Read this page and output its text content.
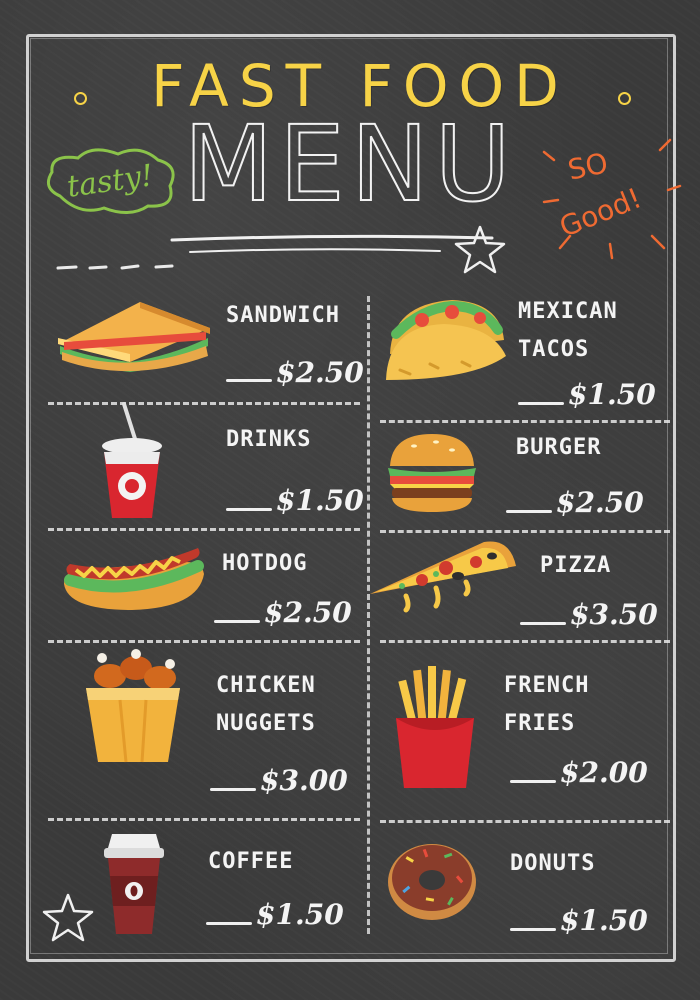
FAST FOOD
MENU
tasty!	SO
Good!
SANDWICH
$2.50
MEXICAN
TACOS
$1.50
DRINKS
$1.50
BURGER
$2.50
HOTDOG
$2.50
PIZZA
$3.50
CHICKEN
NUGGETS
$3.00
FRENCH
FRIES
$2.00
COFFEE
$1.50
DONUTS
$1.50
